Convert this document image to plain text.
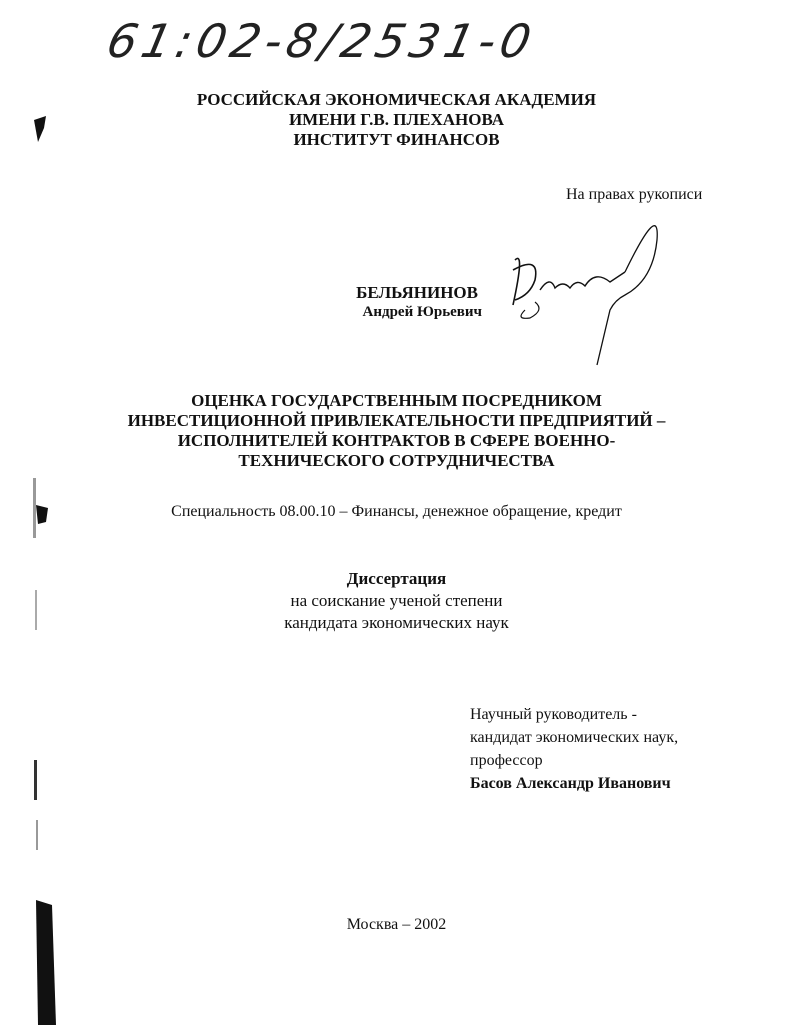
61:02-8/2531-0
РОССИЙСКАЯ ЭКОНОМИЧЕСКАЯ АКАДЕМИЯ
ИМЕНИ Г.В. ПЛЕХАНОВА
ИНСТИТУТ ФИНАНСОВ
На правах рукописи
БЕЛЬЯНИНОВ
Андрей Юрьевич
ОЦЕНКА ГОСУДАРСТВЕННЫМ ПОСРЕДНИКОМ
ИНВЕСТИЦИОННОЙ ПРИВЛЕКАТЕЛЬНОСТИ ПРЕДПРИЯТИЙ –
ИСПОЛНИТЕЛЕЙ КОНТРАКТОВ В СФЕРЕ ВОЕННО-
ТЕХНИЧЕСКОГО СОТРУДНИЧЕСТВА
Специальность 08.00.10 – Финансы, денежное обращение, кредит
Диссертация
на соискание ученой степени
кандидата экономических наук
Научный руководитель -
кандидат экономических наук,
профессор
Басов Александр Иванович
Москва – 2002
